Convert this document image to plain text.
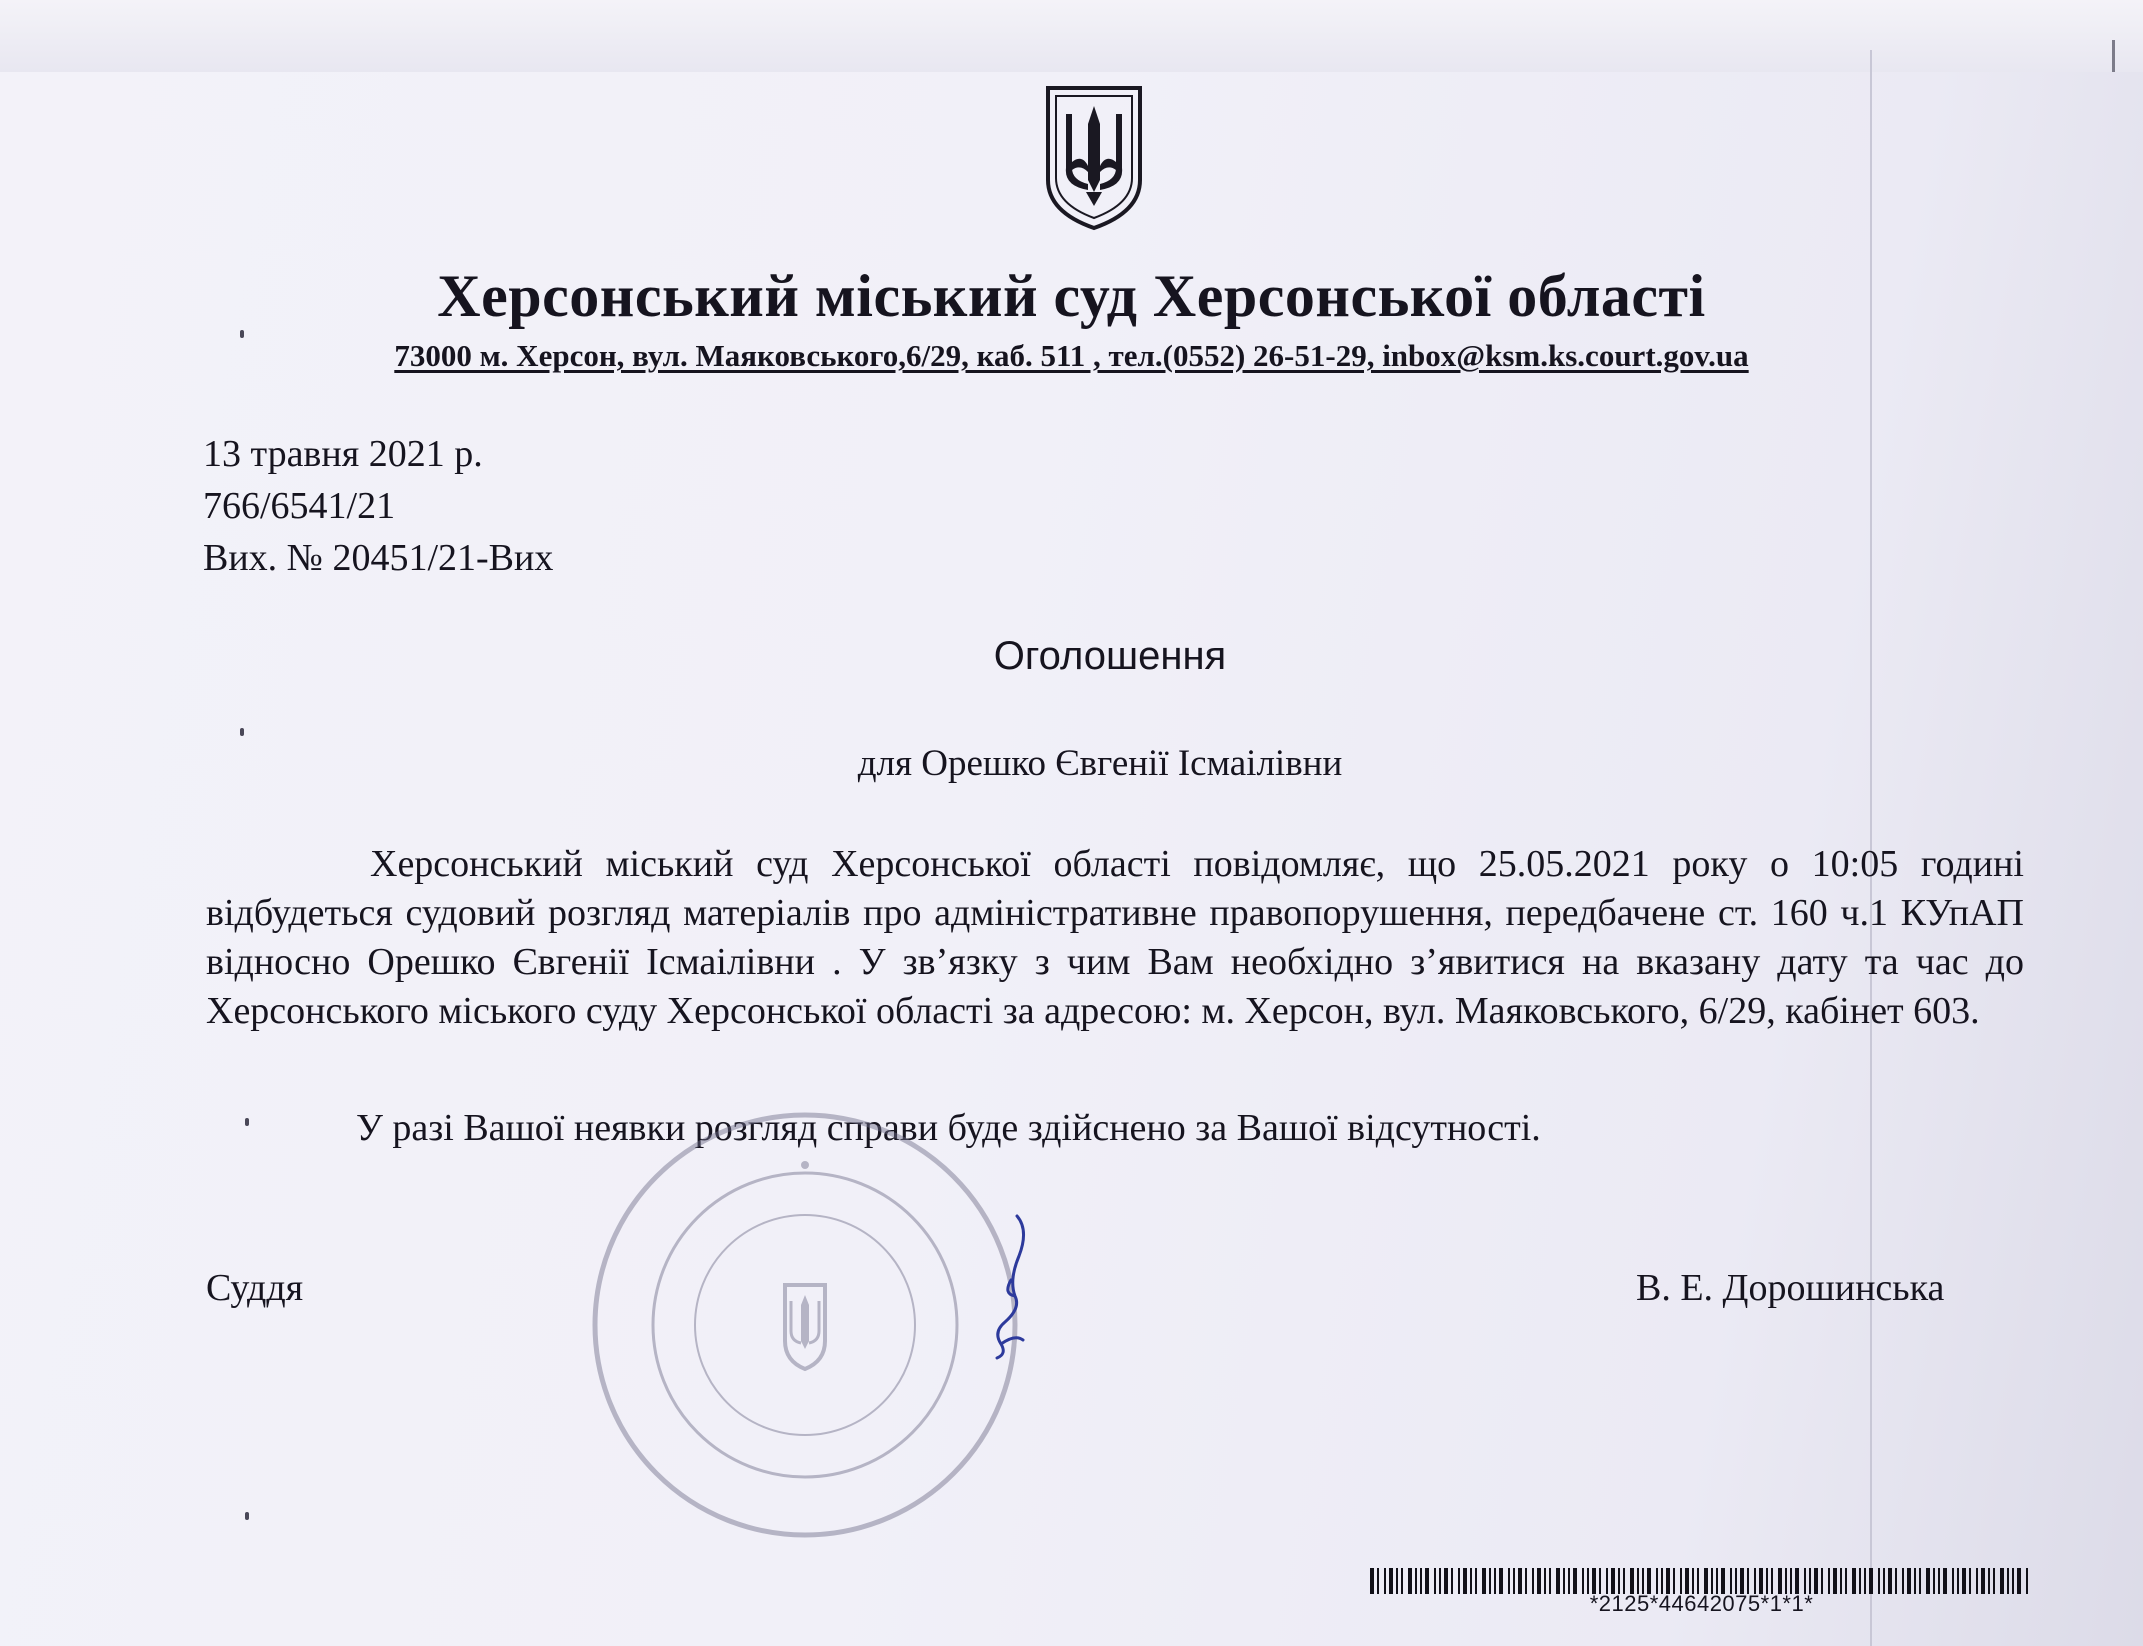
Херсонський міський суд Херсонської області
73000 м. Херсон, вул. Маяковського,6/29, каб. 511 , тел.(0552) 26-51-29, inbox@ksm.ks.court.gov.ua
13 травня 2021 р.
766/6541/21
Вих. № 20451/21-Вих
Оголошення
для Орешко Євгенії Ісмаілівни

Херсонський міський суд Херсонської області повідомляє, що 25.05.2021 року о 10:05 годині відбудеться судовий розгляд матеріалів про адміністративне правопорушення, передбачене ст. 160 ч.1 КУпАП відносно Орешко Євгенії Ісмаілівни . У зв’язку з чим Вам необхідно з’явитися на вказану дату та час до Херсонського міського суду Херсонської області за адресою: м. Херсон, вул. Маяковського, 6/29, кабінет 603.

У разі Вашої неявки розгляд справи буде здійснено за Вашої відсутності.
Суддя	В. Е. Дорошинська
*2125*44642075*1*1*
